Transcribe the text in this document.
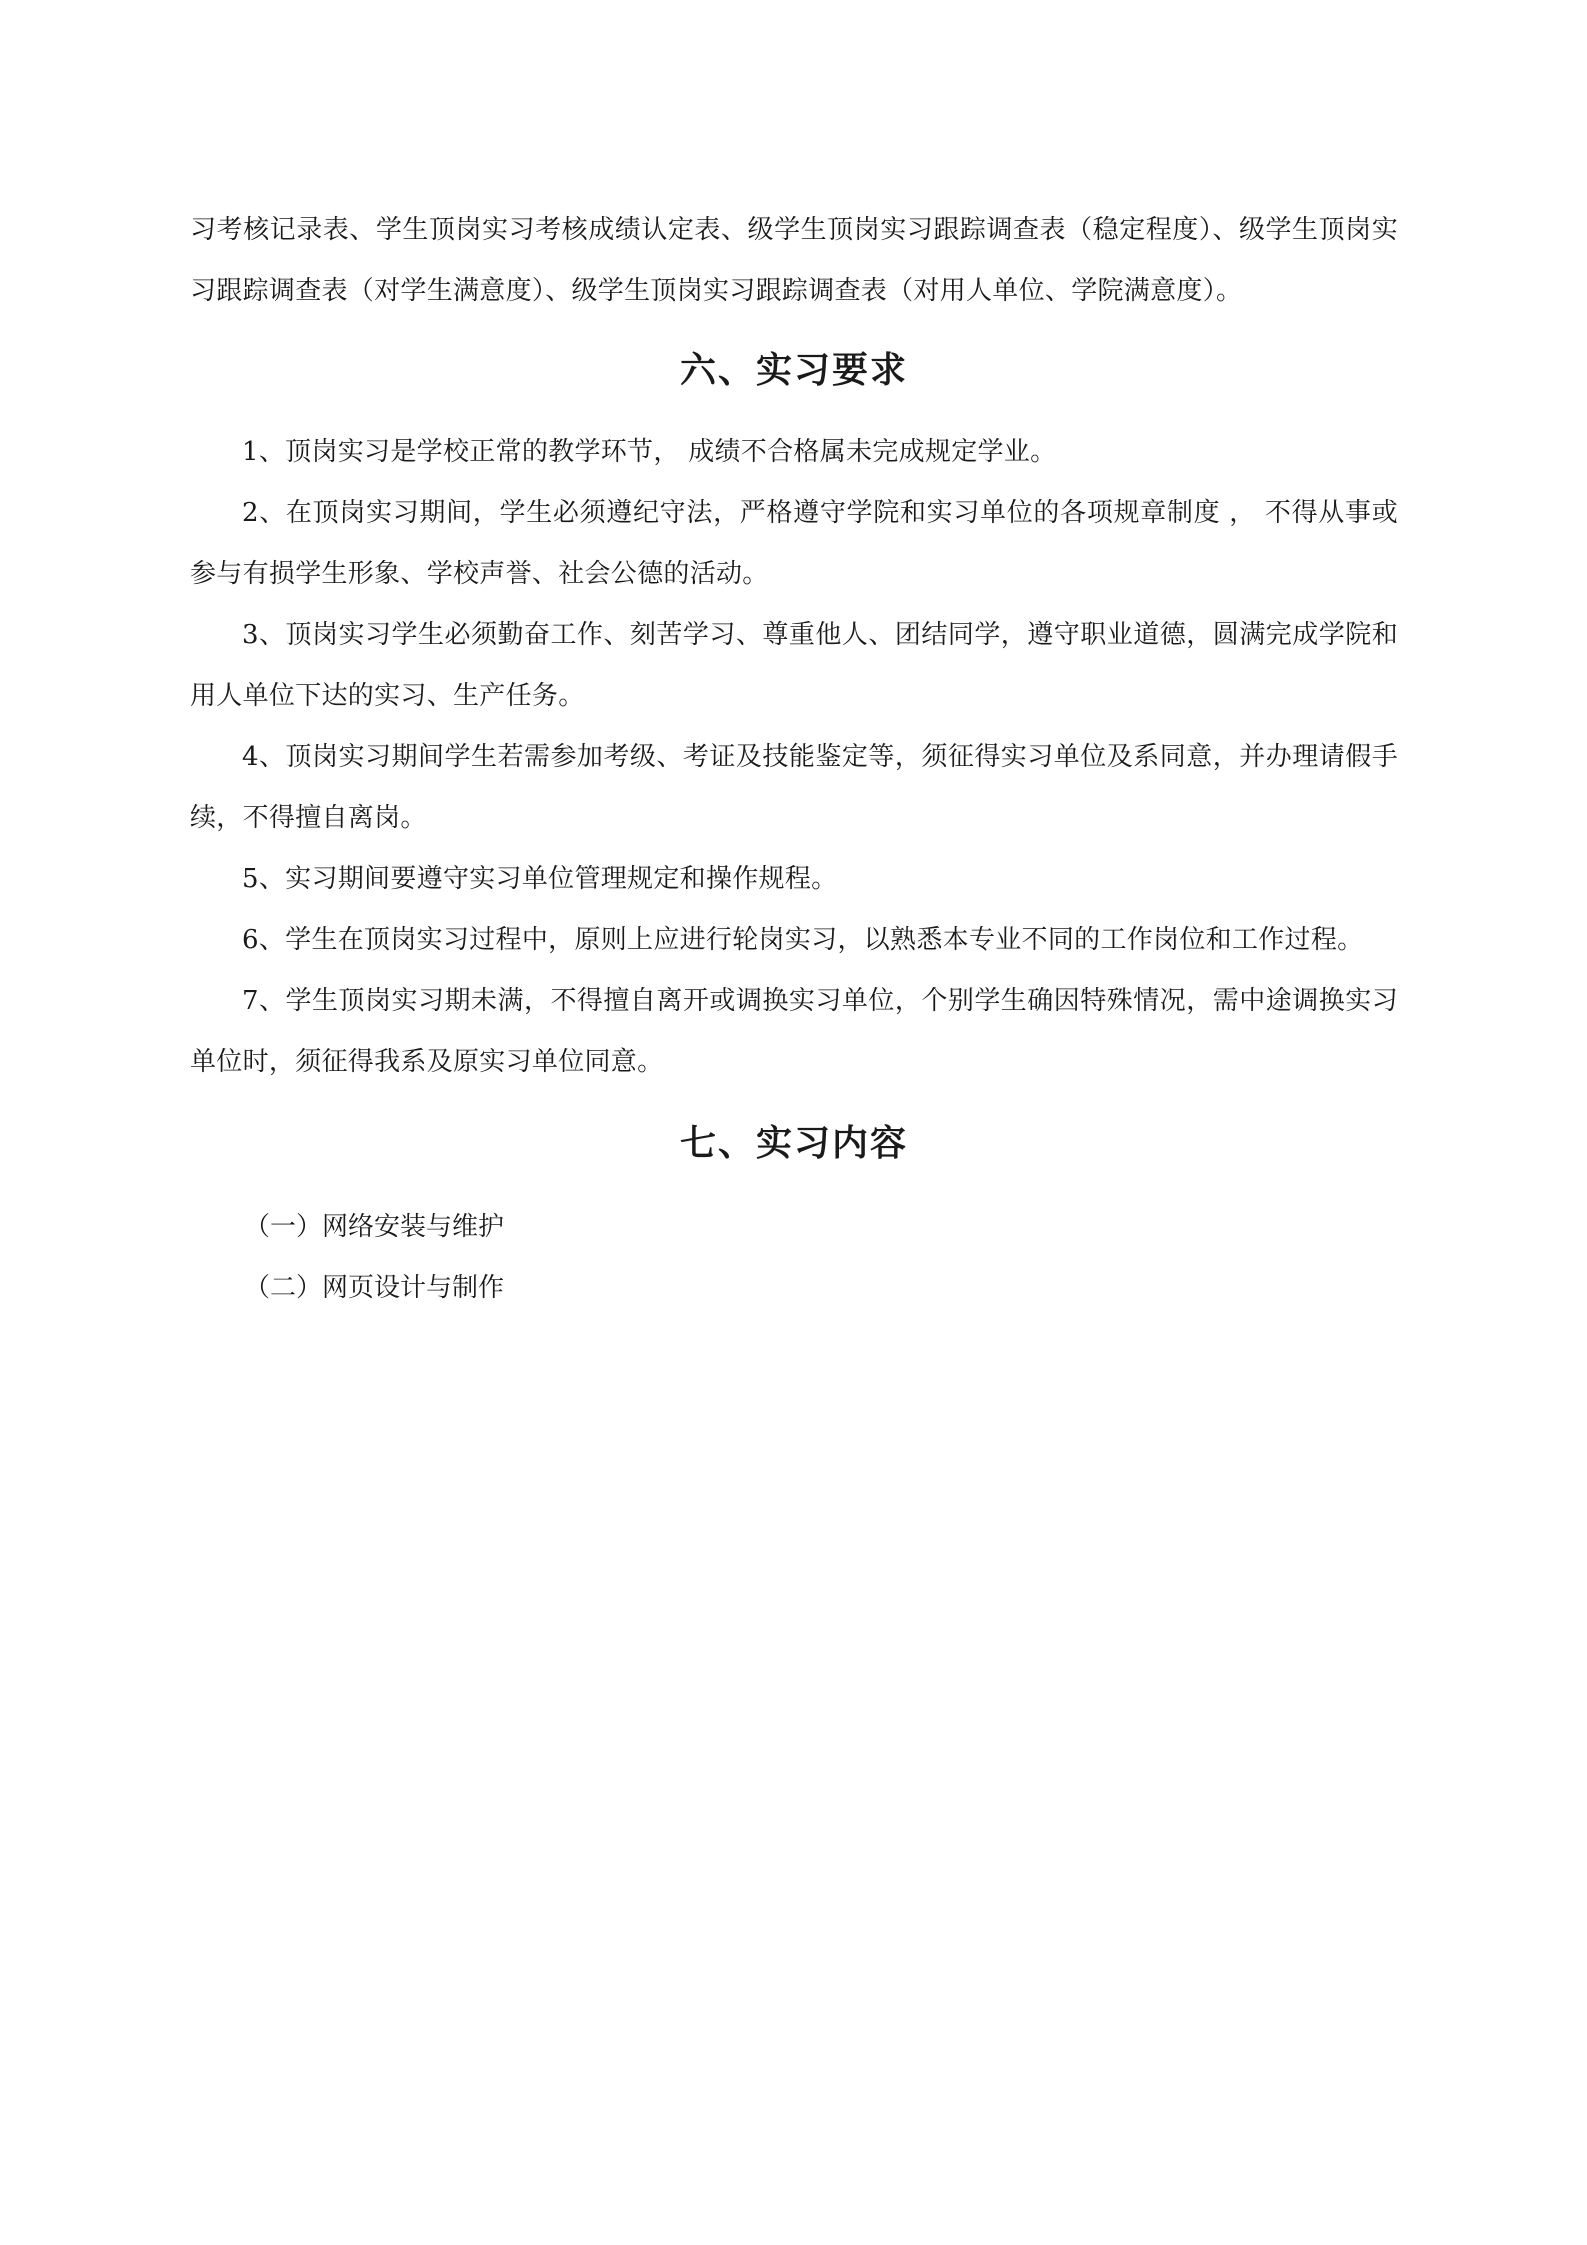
习考核记录表、学生顶岗实习考核成绩认定表、级学生顶岗实习跟踪调查表（稳定程度）、级学生顶岗实习跟踪调查表（对学生满意度）、级学生顶岗实习跟踪调查表（对用人单位、学院满意度）。

六、实习要求

1、顶岗实习是学校正常的教学环节， 成绩不合格属未完成规定学业。

2、在顶岗实习期间，学生必须遵纪守法，严格遵守学院和实习单位的各项规章制度 ， 不得从事或参与有损学生形象、学校声誉、社会公德的活动。

3、顶岗实习学生必须勤奋工作、刻苦学习、尊重他人、团结同学，遵守职业道德，圆满完成学院和用人单位下达的实习、生产任务。

4、顶岗实习期间学生若需参加考级、考证及技能鉴定等，须征得实习单位及系同意，并办理请假手续，不得擅自离岗。

5、实习期间要遵守实习单位管理规定和操作规程。

6、学生在顶岗实习过程中，原则上应进行轮岗实习，以熟悉本专业不同的工作岗位和工作过程。

7、学生顶岗实习期未满，不得擅自离开或调换实习单位，个别学生确因特殊情况，需中途调换实习单位时，须征得我系及原实习单位同意。

七、实习内容

（一）网络安装与维护

（二）网页设计与制作
